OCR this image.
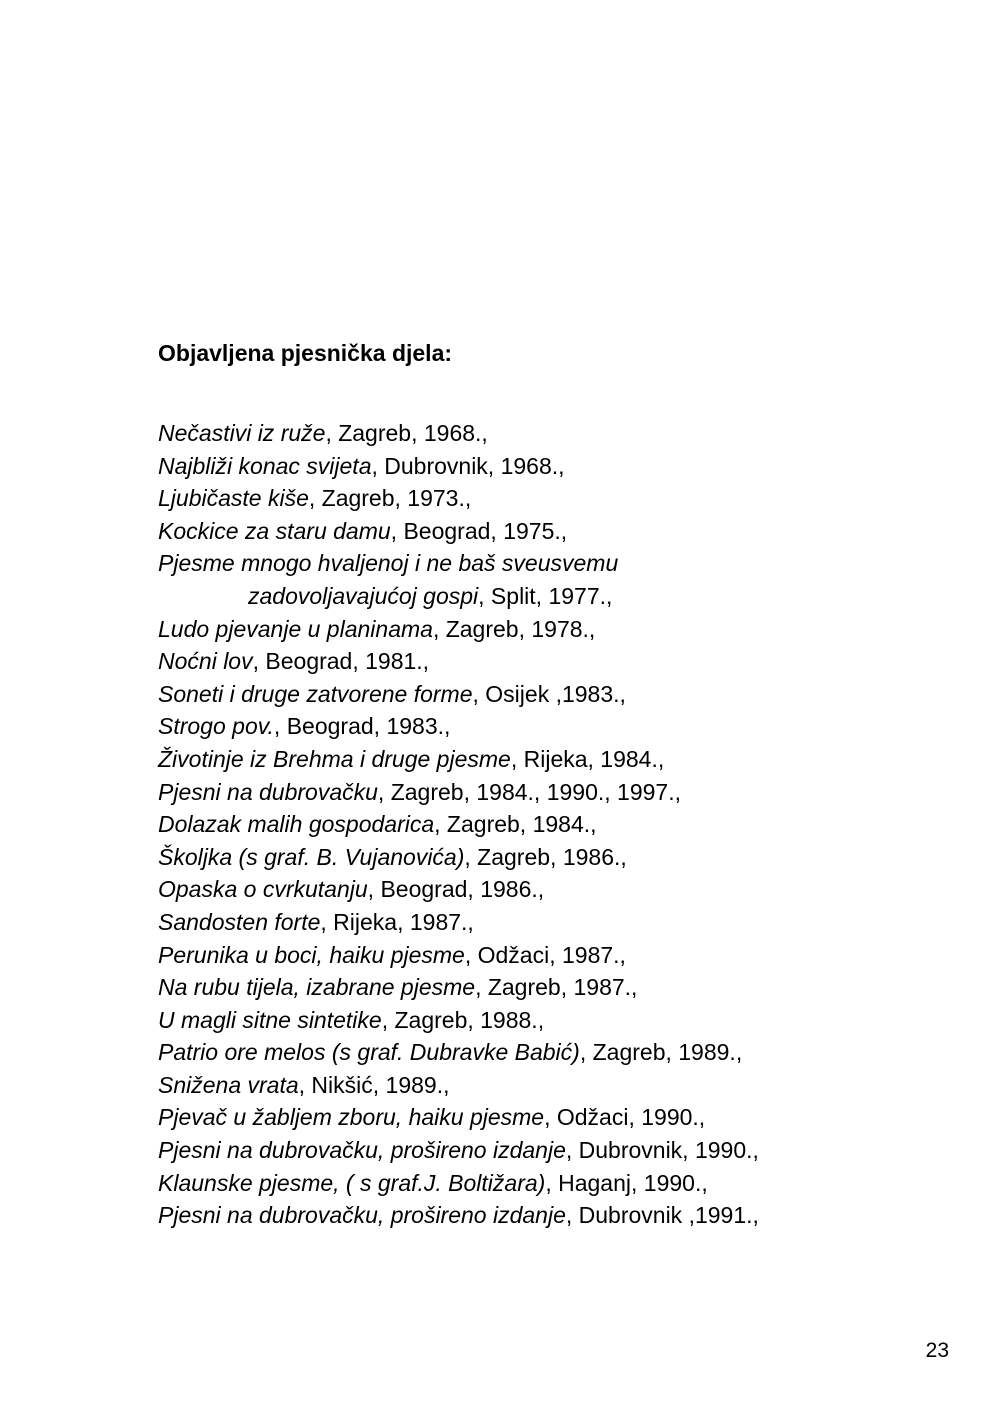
Objavljena pjesnička djela:
Nečastivi iz ruže, Zagreb, 1968.,
Najbliži konac svijeta, Dubrovnik, 1968.,
Ljubičaste kiše, Zagreb, 1973.,
Kockice za staru damu, Beograd, 1975.,
Pjesme mnogo hvaljenoj i ne baš sveusvemu
zadovoljavajućoj gospi, Split, 1977.,
Ludo pjevanje u planinama, Zagreb, 1978.,
Noćni lov, Beograd, 1981.,
Soneti i druge zatvorene forme, Osijek ,1983.,
Strogo pov., Beograd, 1983.,
Životinje iz Brehma i druge pjesme, Rijeka, 1984.,
Pjesni na dubrovačku, Zagreb, 1984., 1990., 1997.,
Dolazak malih gospodarica, Zagreb, 1984.,
Školjka (s graf. B. Vujanovića), Zagreb, 1986.,
Opaska o cvrkutanju, Beograd, 1986.,
Sandosten forte, Rijeka, 1987.,
Perunika u boci, haiku pjesme, Odžaci, 1987.,
Na rubu tijela, izabrane pjesme, Zagreb, 1987.,
U magli sitne sintetike, Zagreb, 1988.,
Patrio ore melos (s graf. Dubravke Babić), Zagreb, 1989.,
Snižena vrata, Nikšić, 1989.,
Pjevač u žabljem zboru, haiku pjesme, Odžaci, 1990.,
Pjesni na dubrovačku, prošireno izdanje, Dubrovnik, 1990.,
Klaunske pjesme, ( s graf.J. Boltižara), Haganj, 1990.,
Pjesni na dubrovačku, prošireno izdanje, Dubrovnik ,1991.,
23
